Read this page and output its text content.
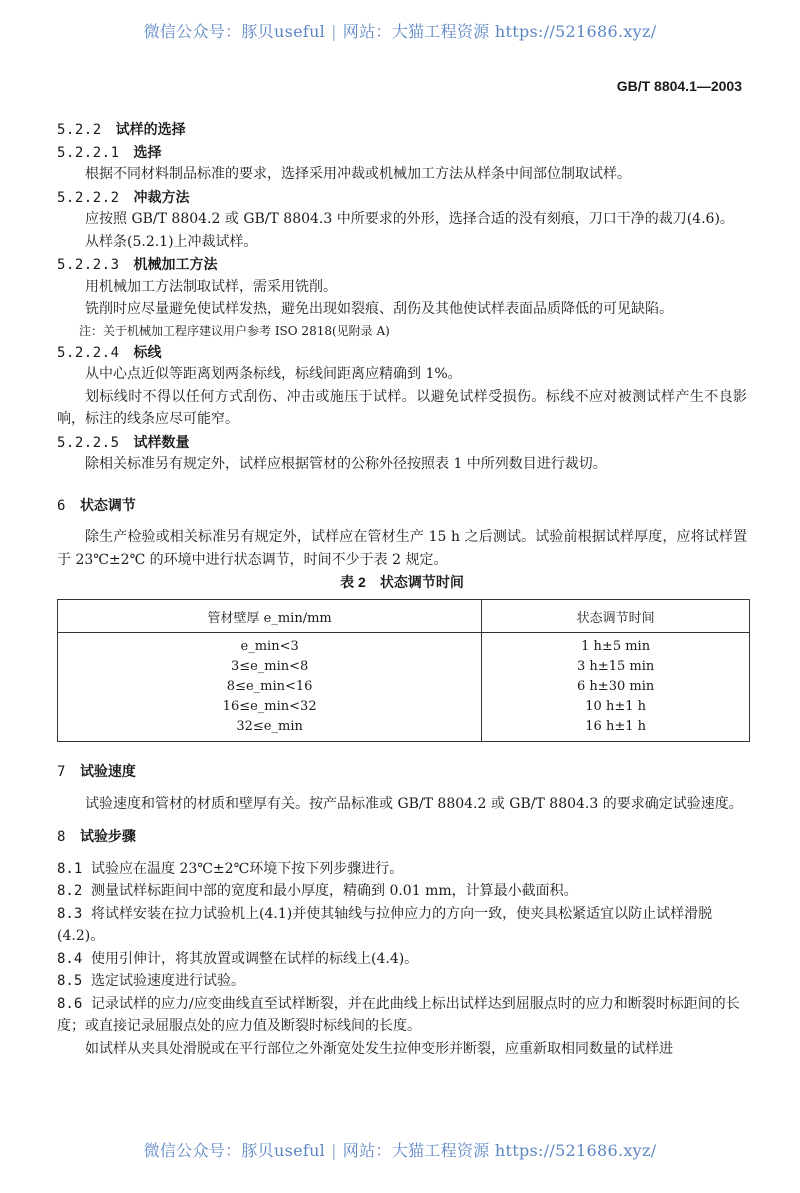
微信公众号：豚贝useful | 网站：大猫工程资源 https://521686.xyz/
GB/T 8804.1—2003
5.2.2 试样的选择
5.2.2.1 选择
根据不同材料制品标准的要求，选择采用冲裁或机械加工方法从样条中间部位制取试样。
5.2.2.2 冲裁方法
应按照 GB/T 8804.2 或 GB/T 8804.3 中所要求的外形，选择合适的没有刻痕，刀口干净的裁刀(4.6)。
从样条(5.2.1)上冲裁试样。
5.2.2.3 机械加工方法
用机械加工方法制取试样，需采用铣削。
铣削时应尽量避免使试样发热，避免出现如裂痕、刮伤及其他使试样表面品质降低的可见缺陷。
注：关于机械加工程序建议用户参考 ISO 2818(见附录 A)
5.2.2.4 标线
从中心点近似等距离划两条标线，标线间距离应精确到 1%。
划标线时不得以任何方式刮伤、冲击或施压于试样。以避免试样受损伤。标线不应对被测试样产生不良影响，标注的线条应尽可能窄。
5.2.2.5 试样数量
除相关标准另有规定外，试样应根据管材的公称外径按照表 1 中所列数目进行裁切。
6 状态调节
除生产检验或相关标准另有规定外，试样应在管材生产 15 h 之后测试。试验前根据试样厚度，应将试样置于 23℃±2℃ 的环境中进行状态调节，时间不少于表 2 规定。
表 2　状态调节时间
管材壁厚 e_min/mm	状态调节时间
e_min<3	1 h±5 min
3≤e_min<8	3 h±15 min
8≤e_min<16	6 h±30 min
16≤e_min<32	10 h±1 h
32≤e_min	16 h±1 h
7 试验速度
试验速度和管材的材质和壁厚有关。按产品标准或 GB/T 8804.2 或 GB/T 8804.3 的要求确定试验速度。
8 试验步骤
8.1 试验应在温度 23℃±2℃环境下按下列步骤进行。
8.2 测量试样标距间中部的宽度和最小厚度，精确到 0.01 mm，计算最小截面积。
8.3 将试样安装在拉力试验机上(4.1)并使其轴线与拉伸应力的方向一致，使夹具松紧适宜以防止试样滑脱(4.2)。
8.4 使用引伸计，将其放置或调整在试样的标线上(4.4)。
8.5 选定试验速度进行试验。
8.6 记录试样的应力/应变曲线直至试样断裂，并在此曲线上标出试样达到屈服点时的应力和断裂时标距间的长度；或直接记录屈服点处的应力值及断裂时标线间的长度。
如试样从夹具处滑脱或在平行部位之外渐宽处发生拉伸变形并断裂，应重新取相同数量的试样进
微信公众号：豚贝useful | 网站：大猫工程资源 https://521686.xyz/
